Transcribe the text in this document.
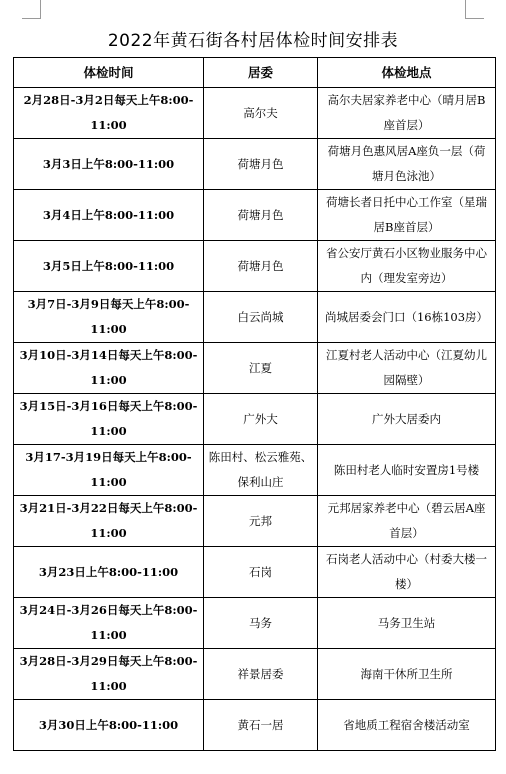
2022年黄石街各村居体检时间安排表
体检时间	居委	体检地点
2月28日-3月2日每天上午8:00-11:00	高尔夫	高尔夫居家养老中心（晴月居B座首层）
3月3日上午8:00-11:00	荷塘月色	荷塘月色惠风居A座负一层（荷塘月色泳池）
3月4日上午8:00-11:00	荷塘月色	荷塘长者日托中心工作室（星瑞居B座首层）
3月5日上午8:00-11:00	荷塘月色	省公安厅黄石小区物业服务中心内（理发室旁边）
3月7日-3月9日每天上午8:00-11:00	白云尚城	尚城居委会门口（16栋103房）
3月10日-3月14日每天上午8:00-11:00	江夏	江夏村老人活动中心（江夏幼儿园隔壁）
3月15日-3月16日每天上午8:00-11:00	广外大	广外大居委内
3月17-3月19日每天上午8:00-11:00	陈田村、松云雅苑、保利山庄	陈田村老人临时安置房1号楼
3月21日-3月22日每天上午8:00-11:00	元邦	元邦居家养老中心（碧云居A座首层）
3月23日上午8:00-11:00	石岗	石岗老人活动中心（村委大楼一楼）
3月24日-3月26日每天上午8:00-11:00	马务	马务卫生站
3月28日-3月29日每天上午8:00-11:00	祥景居委	海南干休所卫生所
3月30日上午8:00-11:00	黄石一居	省地质工程宿舍楼活动室
